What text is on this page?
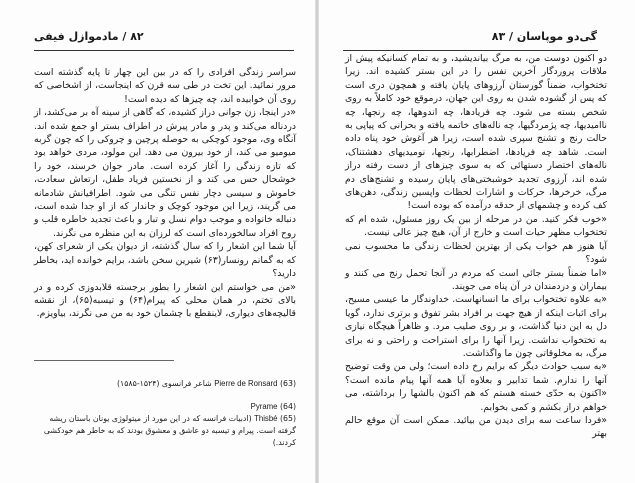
۸۲ / مادموازل فیفی

سراسر زندگی افرادی را که در بین این چهار تا پایه گذشته است مرور نمائید. این تخت در طی سه قرن که اینجاست، از اشخاصی که روی آن خوابیده اند، چه چیزها که دیده است!

«در اینجا، زن جوانی دراز کشیده، که گاهی از سینه آه بر می‌کشد، از دردناله می‌کند و پدر و مادر پیرش در اطراف بستر او جمع شده اند. آنگاه وی، موجود کوچکی به حوصله پرچین و چروکی را که چون گربه میومیو می کند، از خود بیرون می دهد. این مولود، مردی خواهد بود که تازه زندگی را آغاز کرده است. مادر جوان خرسند، خود را خوشحال حس می کند و از نخستین فریاد طفل، ارتعاش سعادت، خاموش و سیسی دچار نفس تنگی می شود. اطرافیانش شادمانه می گریند، زیرا این موجود کوچک و جاندار که از او جدا شده است، دنباله خانواده و موجب دوام نسل و تبار و باعث تجدید خاطره قلب و روح افراد سالخورده‌ای است که لرزان به این منظره می نگرند.

آیا شما این اشعار را که سال گذشته، از دیوان یکی از شعرای کهن، که به گمانم رونسار(۶۳) شیرین سخن باشد، برایم خوانده اید، بخاطر دارید؟

«من می خواستم این اشعار را بطور برجسته قلابدوزی کرده و در بالای تختم، در همان محلی که پیرام(۶۴) و تیسبه(۶۵)، از نقشه قالیچه‌های دیواری، لاینقطع با چشمان خود به من می نگرند، بیاویزم.

(63) Pierre de Ronsard شاعر فرانسوی (۱۵۲۴-۱۵۸۵)

(64) Pyrame

(65) Thisbé (ادبیات فرانسه که در این مورد از میتولوژی یونان باستان ریشه گرفته است. پیرام و تیسبه دو عاشق و معشوق بودند که به خاطر هم خودکشی کردند.)

گی‌دو موپاسان / ۸۳

دو اکنون دوست من، به مرگ بیاندیشید، و به تمام کسانیکه پیش از ملاقات پروردگار آخرین نفس را در این بستر کشیده اند. زیرا تختخواب، ضمناً گورستان آرزوهای پایان یافته و همچون دری است که پس از گشوده شدن به روی این جهان، درموقع خود کاملاً به روی شخص بسته می شود. چه فریادها، چه اندوهها، چه رنجها، چه ناامیدیها، چه پژمردگیها، چه ناله‌های خاتمه یافته و بحرانی که پیاپی به حالت رنج و تشنج سپری شده است، زیرا هر آغوش خود پناه داده است. شاهد چه فریادها، اضطرابها، رنجها، نومیدیهای دهشتناک، ناله‌های اختصار دستهائی که به سوی چیزهای از دست رفته دراز شده اند، آرزوی تجدید خوشبختی‌های پایان رسیده و تشنج‌های دم مرگ، خرخرها، حرکات و اشارات لحظات واپسین زندگی، دهن‌های کف کرده و چشمهای از حدقه درآمده که بوده است!

«خوب فکر کنید. من در مرحله از بین یک روز مسئول، شده ام که تختخواب مظهر حیات است و خارج از آن، هیچ چیز عالی نیست.

آیا هنوز هم خواب یکی از بهترین لحظات زندگی ما محسوب نمی شود؟

«اما ضمناً بستر جائی است که مردم در آنجا تحمل رنج می کنند و بیماران و دردمندان در آن پناه می جویند.

«به علاوه تختخواب برای ما انسانهاست. خداوندگار ما عیسی مسیح، برای اثبات اینکه از هیچ جهت بر افراد بشر تفوق و برتری ندارد، گویا دل به این دنیا گذاشت، و بر روی صلیب مرد. و ظاهراً هیچگاه نیازی به تختخواب نداشت. زیرا آنها را برای استراحت و راحتی و نه برای مرگ، به مخلوقاتی چون ما واگذاشت.

«به سبب حوادث دیگر که برایم رخ داده است؛ ولی من وقت توضیح آنها را ندارم. شما تدابیر و بعلاوه آیا همه آنها پیام مانده است؟ «اکنون به حدّی خسته هستم که هم اکنون بالشها را برداشته، می خواهم دراز بکشم و کمی بخوابم.

«فردا ساعت سه برای دیدن من بیائید. ممکن است آن موقع حالم بهتر
